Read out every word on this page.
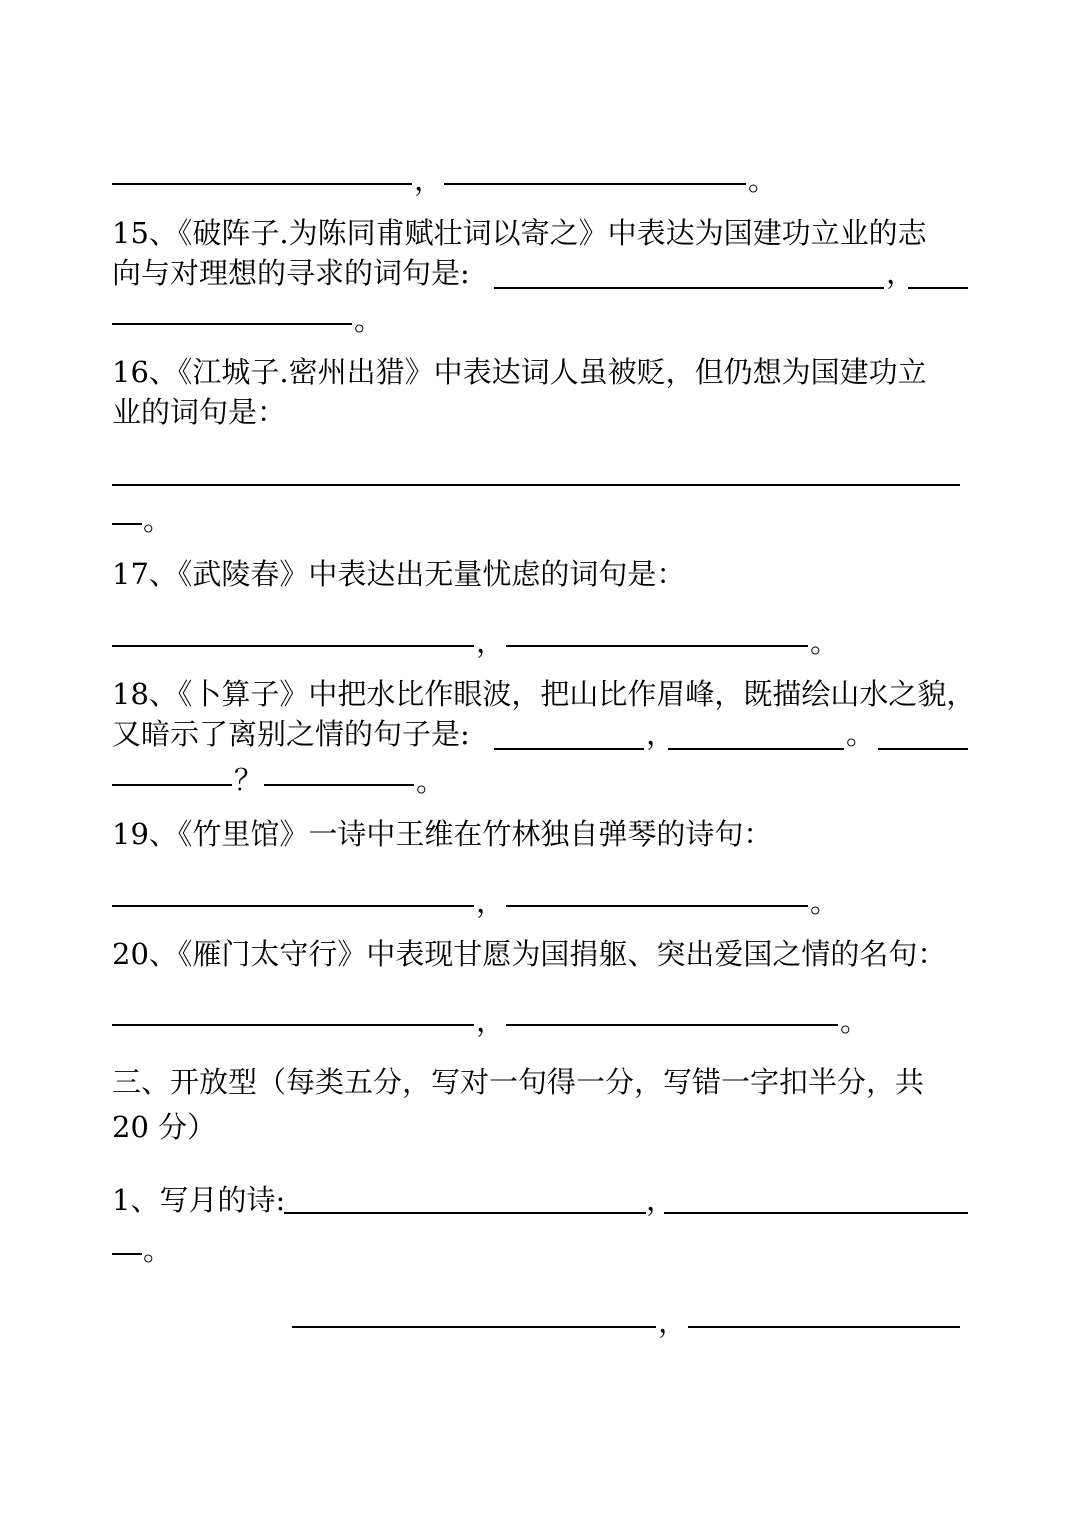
，	。
15、《破阵子.为陈同甫赋壮词以寄之》中表达为国建功立业的志
向与对理想的寻求的词句是:	，
。
16、《江城子.密州出猎》中表达词人虽被贬，但仍想为国建功立
业的词句是：
。
17、《武陵春》中表达出无量忧虑的词句是：
，	。
18、《卜算子》中把水比作眼波，把山比作眉峰，既描绘山水之貌，
又暗示了离别之情的句子是:	，	。
？	。
19、《竹里馆》一诗中王维在竹林独自弹琴的诗句：
，	。
20、《雁门太守行》中表现甘愿为国捐躯、突出爱国之情的名句：
，	。
三、开放型（每类五分，写对一句得一分，写错一字扣半分，共
20 分）
1、写月的诗:	，
。
，
